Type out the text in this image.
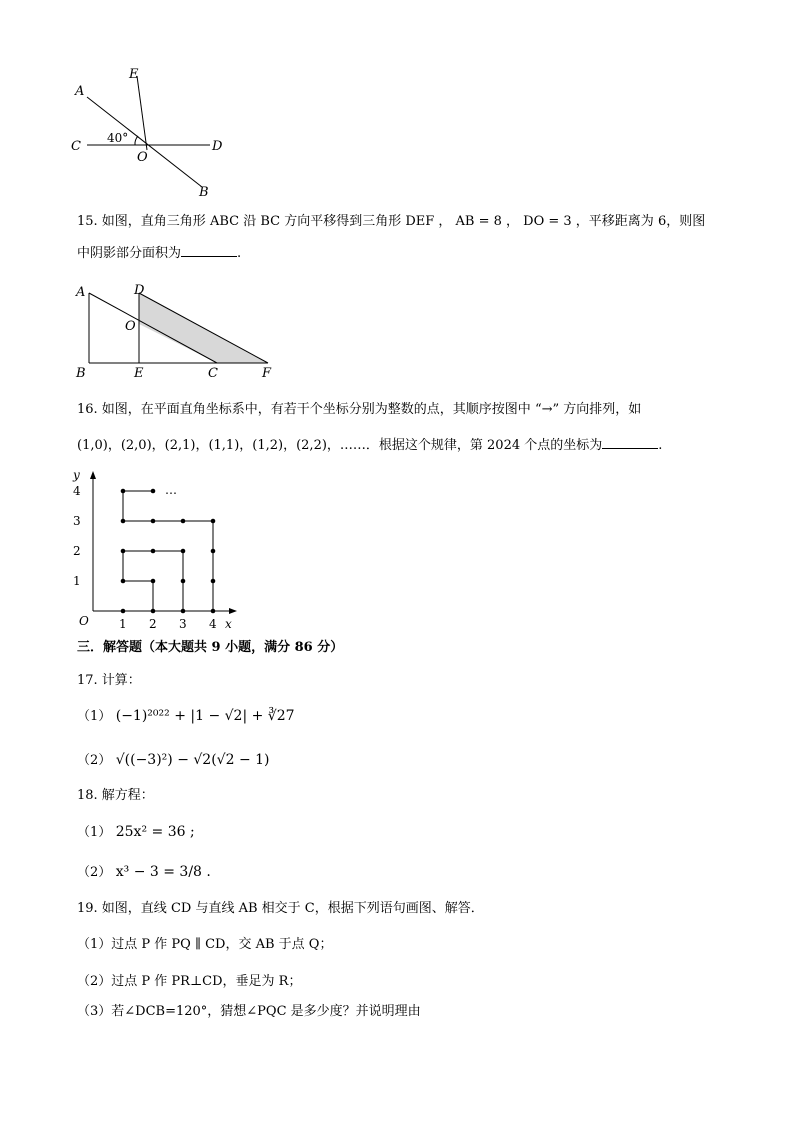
A
E
C
40°
O
D
B
15. 如图，直角三角形 ABC 沿 BC 方向平移得到三角形 DEF ， AB = 8 ， DO = 3 ，平移距离为 6，则图
中阴影部分面积为	.
A	D
O
B	E	C	F
16. 如图，在平面直角坐标系中，有若干个坐标分别为整数的点，其顺序按图中 “→” 方向排列，如
(1,0)，(2,0)，(2,1)，(1,1)，(1,2)，(2,2)，……．根据这个规律，第 2024 个点的坐标为	.
…
y
x
O	1 2 3 4
1
2
3
4
三．解答题（本大题共 9 小题，满分 86 分）
17. 计算：
（1） (−1)²⁰²² + |1 − √2| + ∛27
（2） √((−3)²) − √2(√2 − 1)
18. 解方程：
（1） 25x² = 36 ;
（2） x³ − 3 = 3/8 .
19. 如图，直线 CD 与直线 AB 相交于 C，根据下列语句画图、解答．
（1）过点 P 作 PQ ∥ CD，交 AB 于点 Q；
（2）过点 P 作 PR⊥CD，垂足为 R；
（3）若∠DCB=120°，猜想∠PQC 是多少度？并说明理由
